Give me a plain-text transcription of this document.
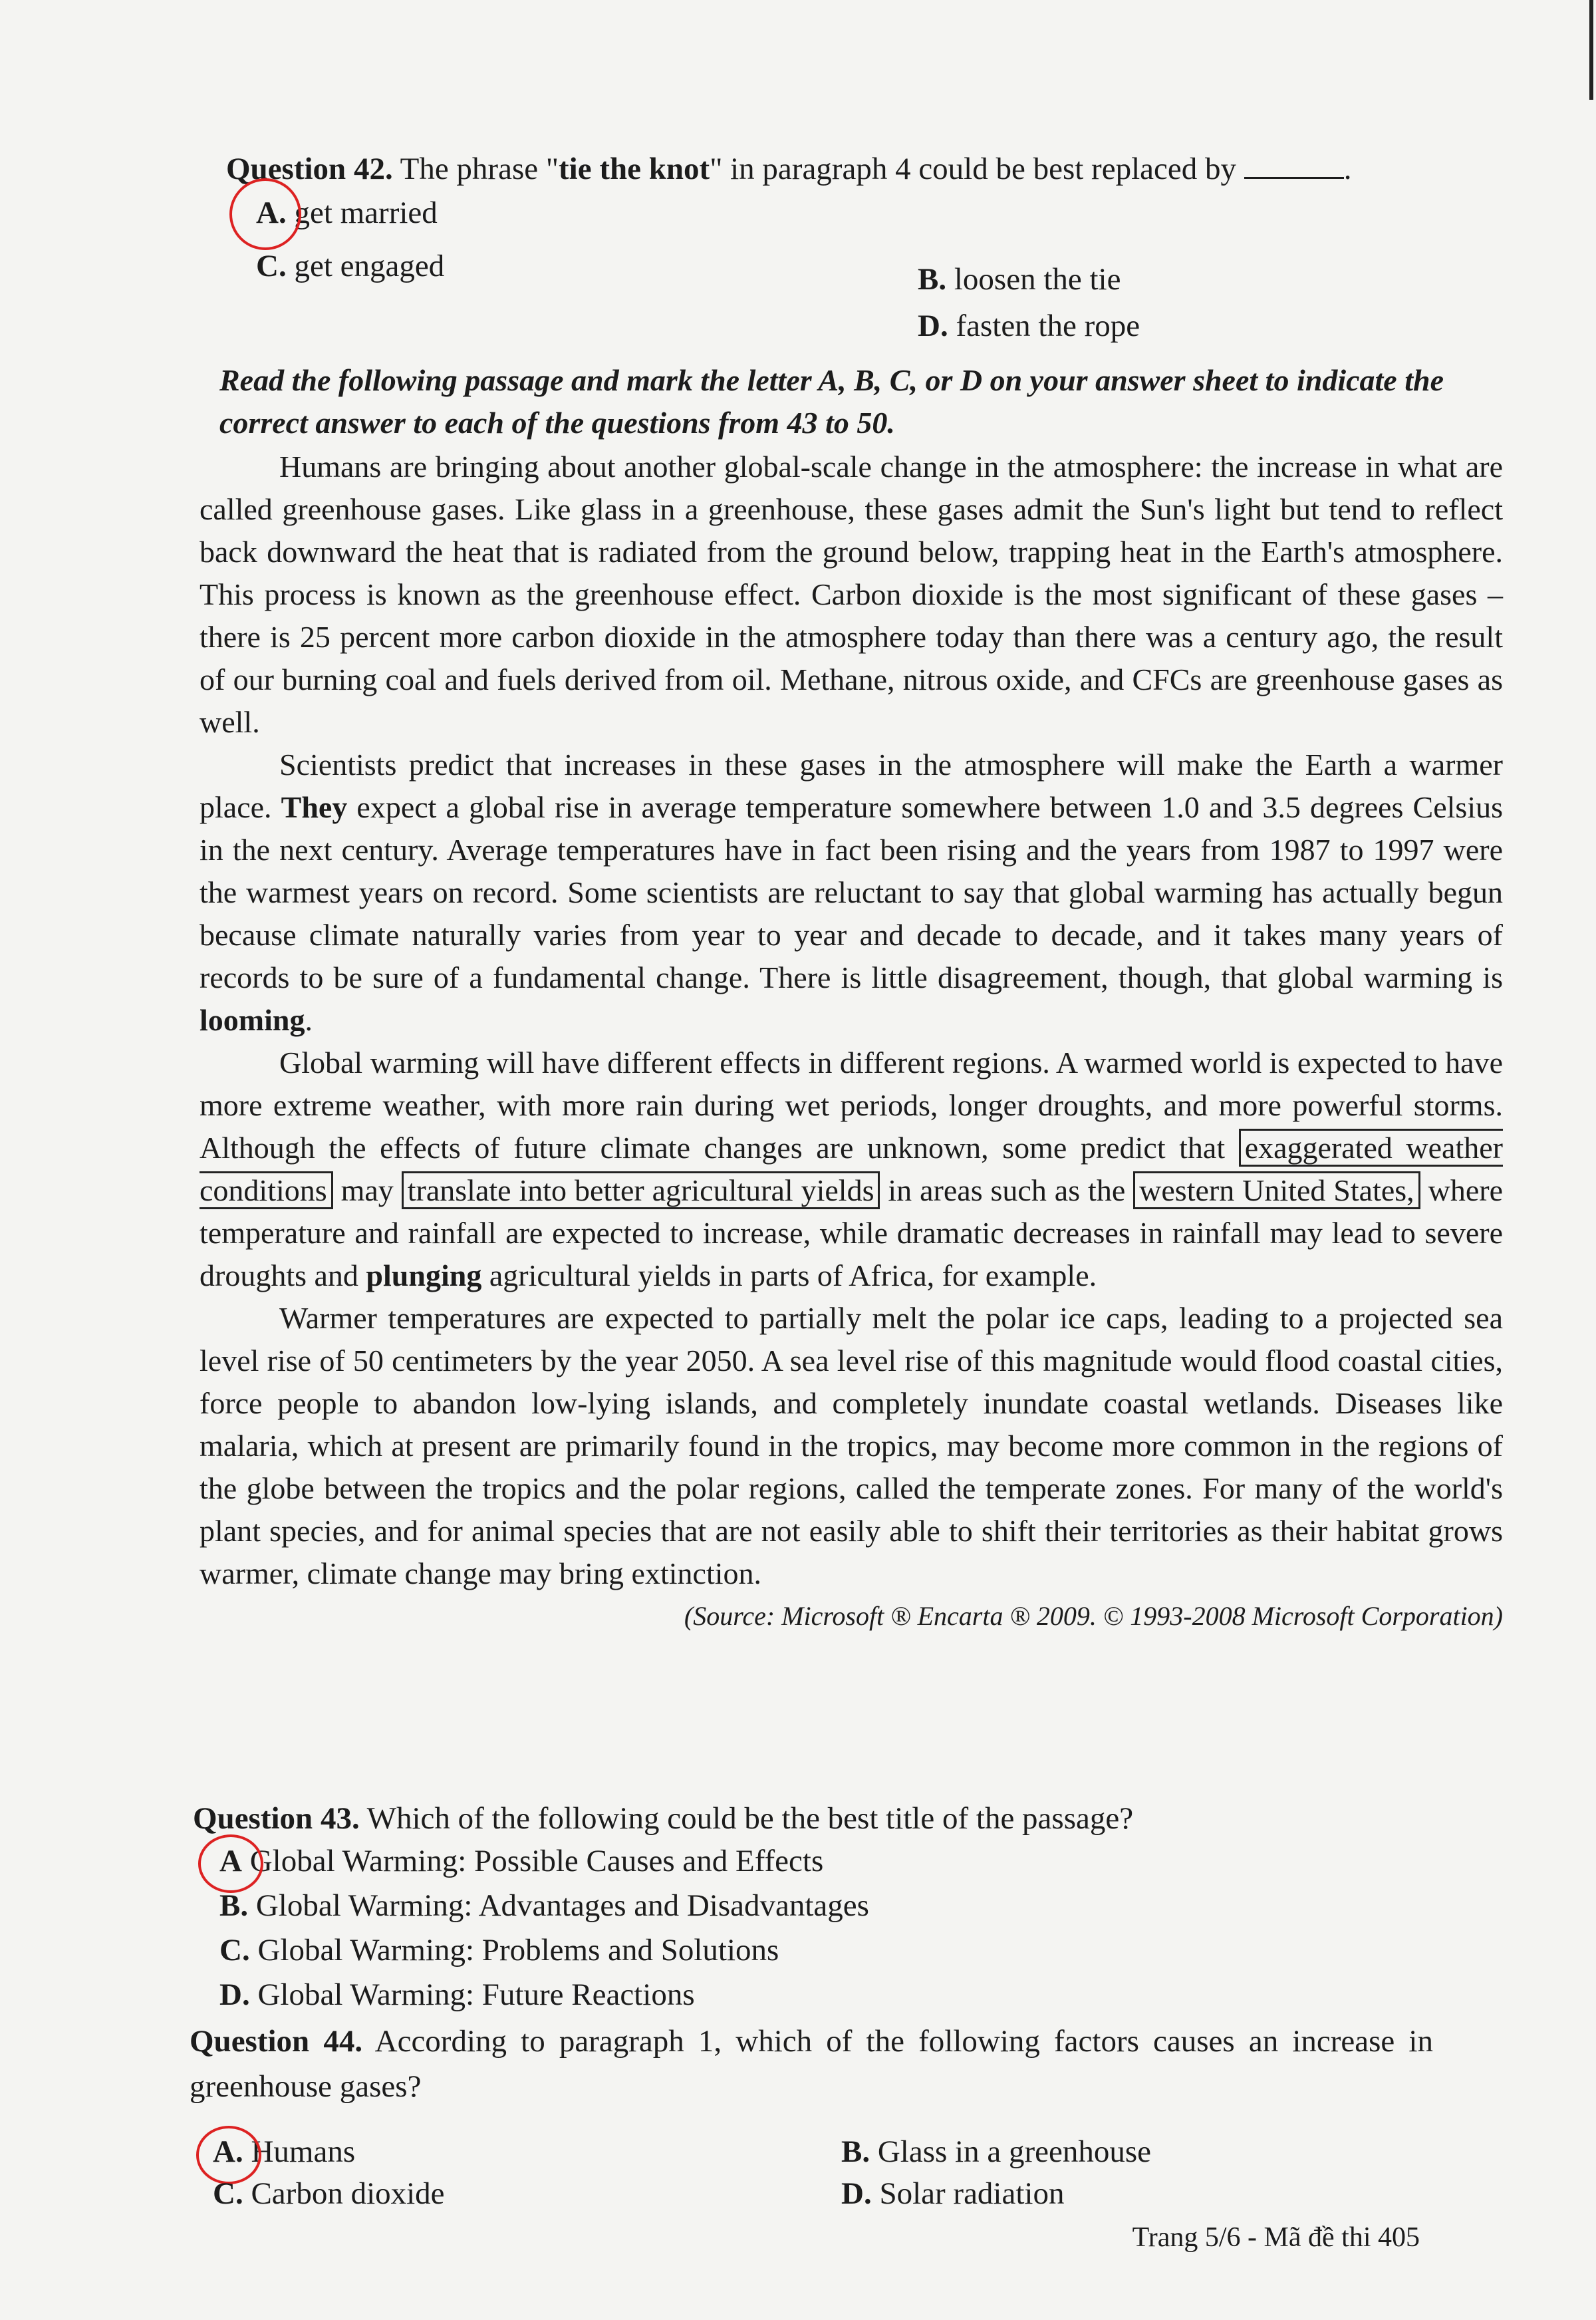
Question 42. The phrase "tie the knot" in paragraph 4 could be best replaced by	.
A. get married
C. get engaged	B. loosen the tie
D. fasten the rope
Read the following passage and mark the letter A, B, C, or D on your answer sheet to indicate the correct answer to each of the questions from 43 to 50.

Humans are bringing about another global-scale change in the atmosphere: the increase in what are called greenhouse gases. Like glass in a greenhouse, these gases admit the Sun's light but tend to reflect back downward the heat that is radiated from the ground below, trapping heat in the Earth's atmosphere. This process is known as the greenhouse effect. Carbon dioxide is the most significant of these gases – there is 25 percent more carbon dioxide in the atmosphere today than there was a century ago, the result of our burning coal and fuels derived from oil. Methane, nitrous oxide, and CFCs are greenhouse gases as well.

Scientists predict that increases in these gases in the atmosphere will make the Earth a warmer place. They expect a global rise in average temperature somewhere between 1.0 and 3.5 degrees Celsius in the next century. Average temperatures have in fact been rising and the years from 1987 to 1997 were the warmest years on record. Some scientists are reluctant to say that global warming has actually begun because climate naturally varies from year to year and decade to decade, and it takes many years of records to be sure of a fundamental change. There is little disagreement, though, that global warming is looming.

Global warming will have different effects in different regions. A warmed world is expected to have more extreme weather, with more rain during wet periods, longer droughts, and more powerful storms. Although the effects of future climate changes are unknown, some predict that exaggerated weather conditions may translate into better agricultural yields in areas such as the western United States, where temperature and rainfall are expected to increase, while dramatic decreases in rainfall may lead to severe droughts and plunging agricultural yields in parts of Africa, for example.

Warmer temperatures are expected to partially melt the polar ice caps, leading to a projected sea level rise of 50 centimeters by the year 2050. A sea level rise of this magnitude would flood coastal cities, force people to abandon low-lying islands, and completely inundate coastal wetlands. Diseases like malaria, which at present are primarily found in the tropics, may become more common in the regions of the globe between the tropics and the polar regions, called the temperate zones. For many of the world's plant species, and for animal species that are not easily able to shift their territories as their habitat grows warmer, climate change may bring extinction.

(Source: Microsoft ® Encarta ® 2009. © 1993-2008 Microsoft Corporation)
Question 43. Which of the following could be the best title of the passage?
A Global Warming: Possible Causes and Effects
B. Global Warming: Advantages and Disadvantages
C. Global Warming: Problems and Solutions
D. Global Warming: Future Reactions
Question 44. According to paragraph 1, which of the following factors causes an increase in greenhouse gases?
A. Humans	B. Glass in a greenhouse
C. Carbon dioxide	D. Solar radiation
Trang 5/6 - Mã đề thi 405
